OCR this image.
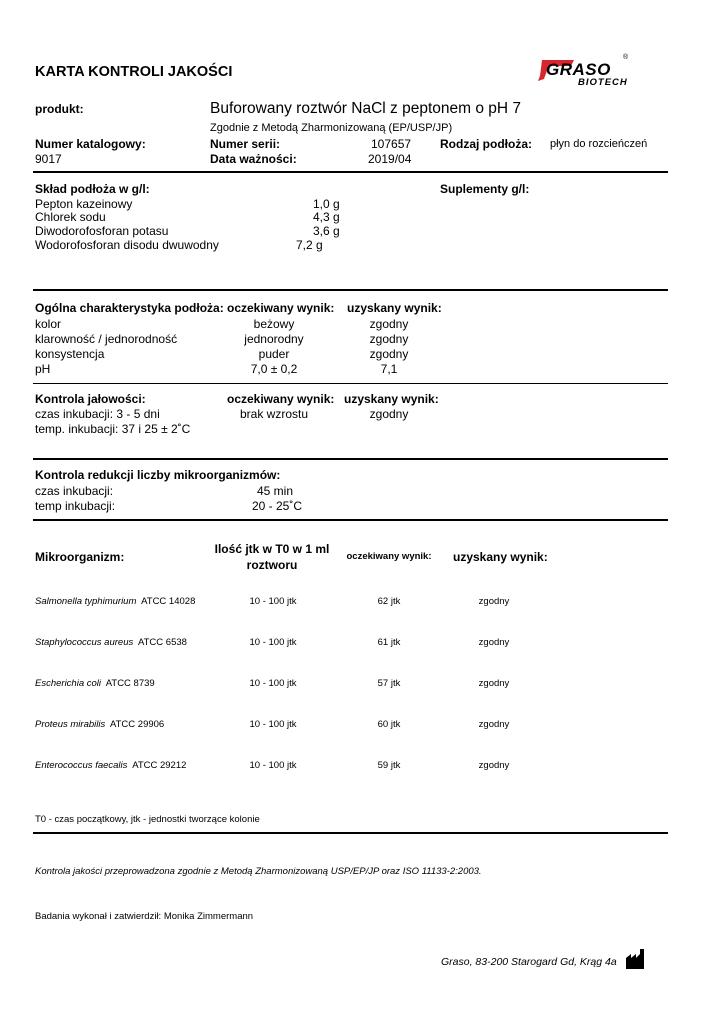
KARTA KONTROLI JAKOŚCI	GRASO
BIOTECH
®
produkt:	Buforowany roztwór NaCl z peptonem o pH 7
Zgodnie z Metodą Zharmonizowaną (EP/USP/JP)
Numer katalogowy:
9017
Numer serii:	107657
Data ważności:	2019/04
Rodzaj podłoża: płyn do rozcieńczeń
Skład podłoża w g/l:	Suplementy g/l:
Pepton kazeinowy	1,0 g
Chlorek sodu	4,3 g
Diwodorofosforan potasu	3,6 g
Wodorofosforan disodu dwuwodny	7,2 g
Ogólna charakterystyka podłoża: oczekiwany wynik: uzyskany wynik:
kolor	beżowy	zgodny
klarowność / jednorodność	jednorodny	zgodny
konsystencja	puder	zgodny
pH	7,0 ± 0,2	7,1
Kontrola jałowości:	oczekiwany wynik: uzyskany wynik:
czas inkubacji: 3 - 5 dni	brak wzrostu	zgodny
temp. inkubacji: 37 i 25 ± 2˚C
Kontrola redukcji liczby mikroorganizmów:
czas inkubacji:	45 min
temp inkubacji:	20 - 25˚C
Mikroorganizm:
Ilość jtk w T0 w 1 ml
roztworu
oczekiwany wynik:	uzyskany wynik:
Salmonella typhimurium ATCC 14028	10 - 100 jtk	62 jtk	zgodny
Staphylococcus aureus ATCC 6538	10 - 100 jtk	61 jtk	zgodny
Escherichia coli ATCC 8739	10 - 100 jtk	57 jtk	zgodny
Proteus mirabilis ATCC 29906	10 - 100 jtk	60 jtk	zgodny
Enterococcus faecalis ATCC 29212	10 - 100 jtk	59 jtk	zgodny
T0 - czas początkowy, jtk - jednostki tworzące kolonie
Kontrola jakości przeprowadzona zgodnie z Metodą Zharmonizowaną USP/EP/JP oraz ISO 11133-2:2003.
Badania wykonał i zatwierdził: Monika Zimmermann
Graso, 83-200 Starogard Gd, Krąg 4a
